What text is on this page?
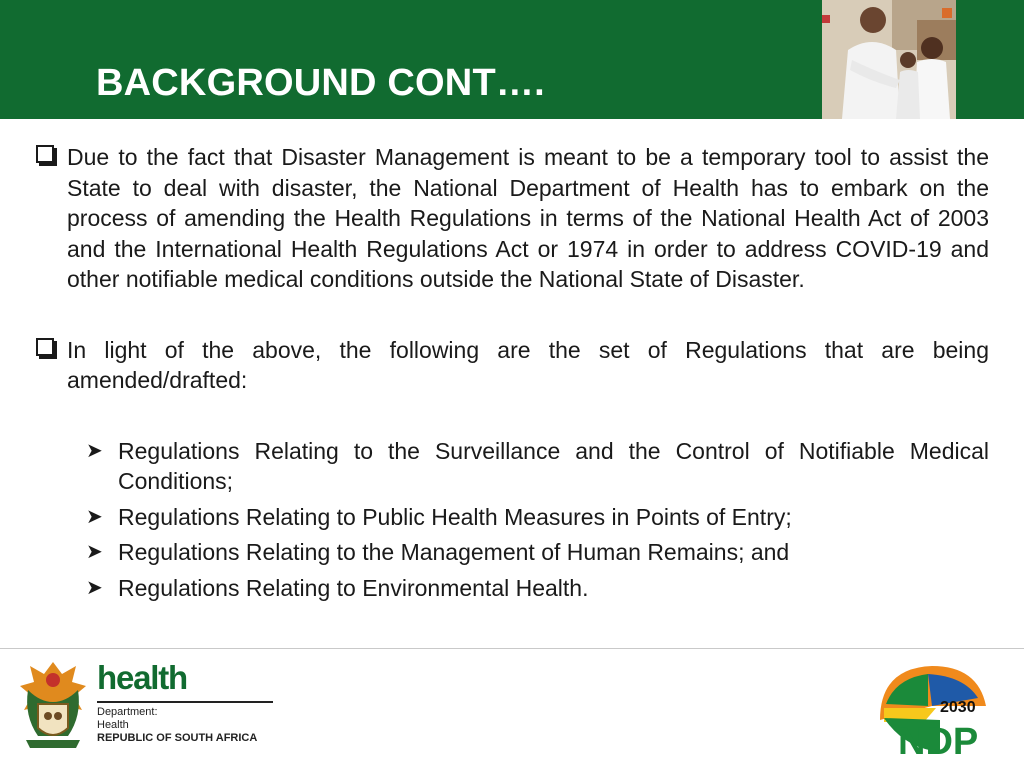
BACKGROUND CONT….

Due to the fact that Disaster Management is meant to be a temporary tool to assist the State to deal with disaster, the National Department of Health has to embark on the process of amending the Health Regulations in terms of the National Health Act of 2003 and the International Health Regulations Act or 1974 in order to address COVID-19 and other notifiable medical conditions outside the National State of Disaster.

In light of the above, the following are the set of Regulations that are being amended/drafted:

➤ Regulations Relating to the Surveillance and the Control of Notifiable Medical Conditions;
➤ Regulations Relating to Public Health Measures in Points of Entry;
➤ Regulations Relating to the Management of Human Remains; and
➤ Regulations Relating to Environmental Health.
health
Department:
Health
REPUBLIC OF SOUTH AFRICA
2030
NDP
